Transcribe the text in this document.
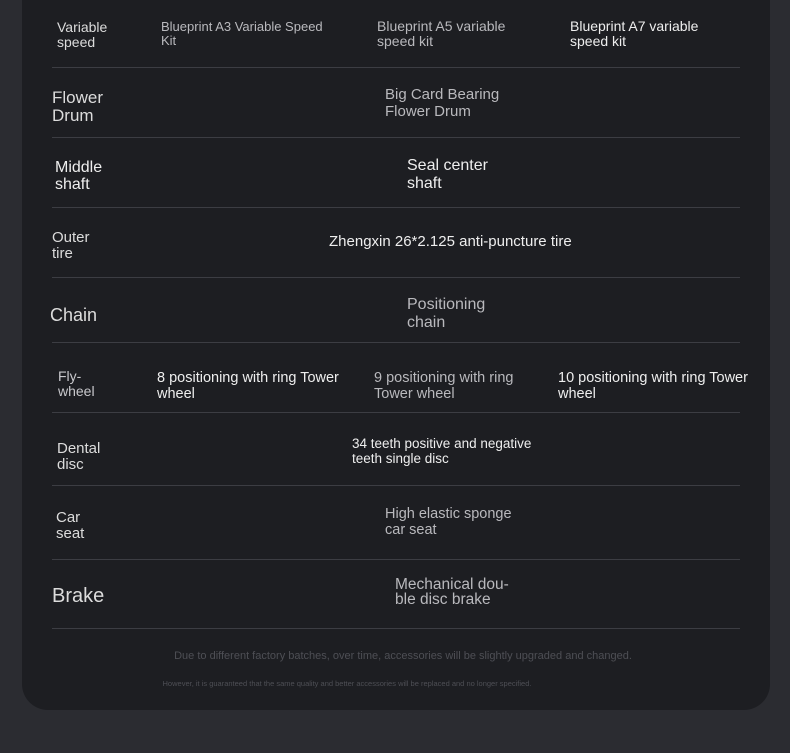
Variable speed
Blueprint A3 Variable Speed Kit
Blueprint A5 variable speed kit
Blueprint A7 variable speed kit
Flower Drum
Big Card Bearing Flower Drum
Middle shaft
Seal center shaft
Outer tire
Zhengxin 26*2.125 anti-puncture tire
Chain
Positioning chain
Fly-wheel
8 positioning with ring Tower wheel
9 positioning with ring Tower wheel
10 positioning with ring Tower wheel
Dental disc
34 teeth positive and negative teeth single disc
Car seat
High elastic sponge car seat
Brake
Mechanical dou-ble disc brake
Due to different factory batches, over time, accessories will be slightly upgraded and changed.
However, it is guaranteed that the same quality and better accessories will be replaced and no longer specified.
